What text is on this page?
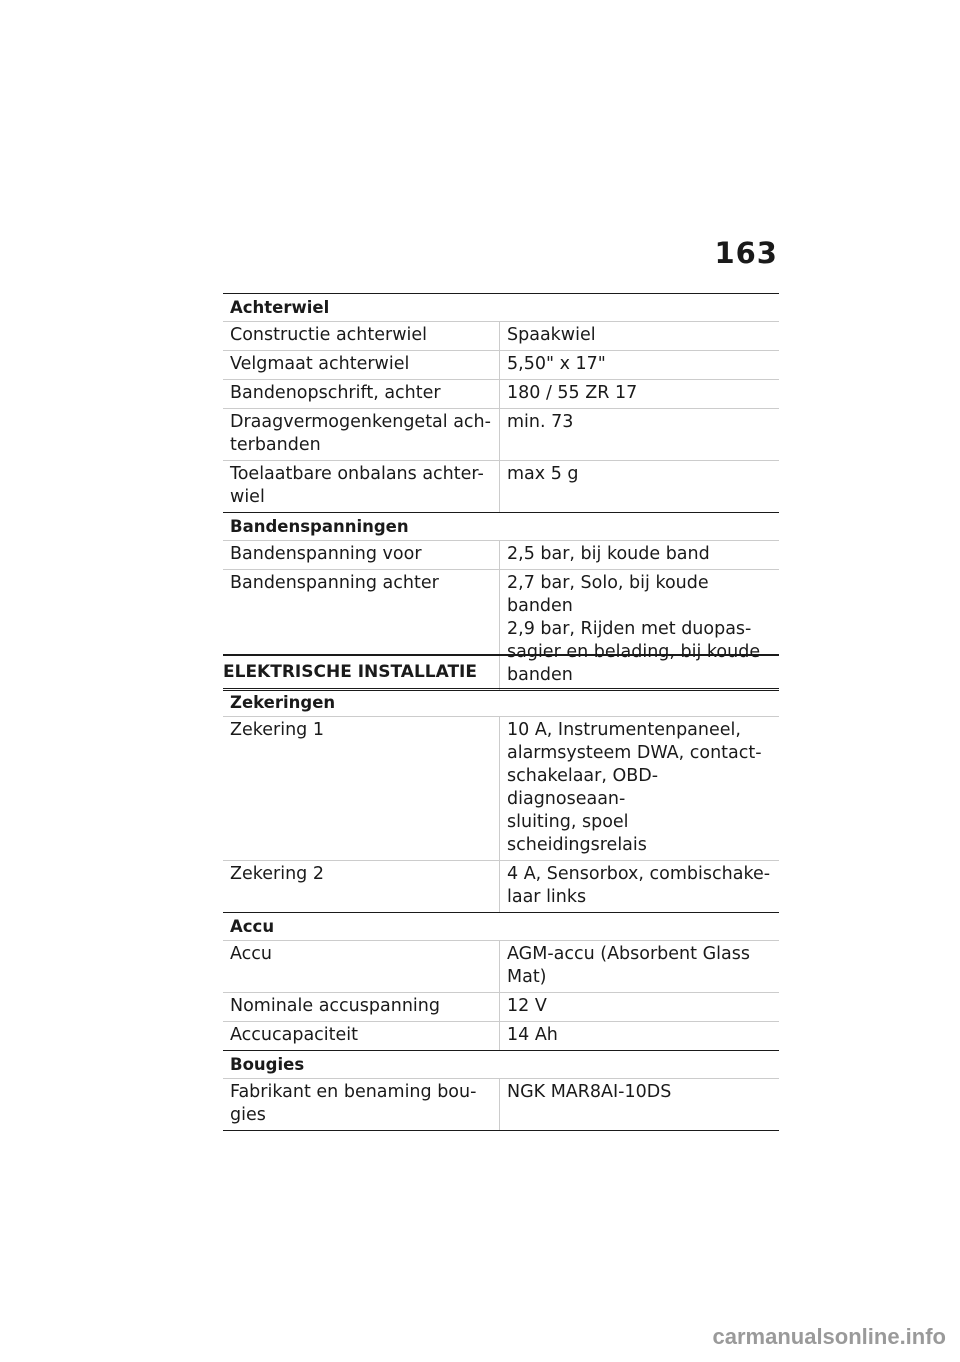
163
Achterwiel	

Constructie achterwiel	Spaakwiel

Velgmaat achterwiel	5,50" x 17"

Bandenopschrift, achter	180 / 55 ZR 17

Draagvermogenkengetal ach-
terbanden	min. 73

Toelaatbare onbalans achter-
wiel	max 5 g

Bandenspanningen	

Bandenspanning voor	2,5 bar, bij koude band

Bandenspanning achter	2,7 bar, Solo, bij koude banden
2,9 bar, Rijden met duopas-
sagier en belading, bij koude
banden
ELEKTRISCHE INSTALLATIE
Zekeringen	

Zekering 1	10 A, Instrumentenpaneel,
alarmsysteem DWA, contact-
schakelaar, OBD-diagnoseaan-
sluiting, spoel scheidingsrelais

Zekering 2	4 A, Sensorbox, combischake-
laar links

Accu	

Accu	AGM-accu (Absorbent Glass
Mat)

Nominale accuspanning	12 V

Accucapaciteit	14 Ah

Bougies	

Fabrikant en benaming bou-
gies	NGK MAR8AI-10DS
carmanualsonline.info
